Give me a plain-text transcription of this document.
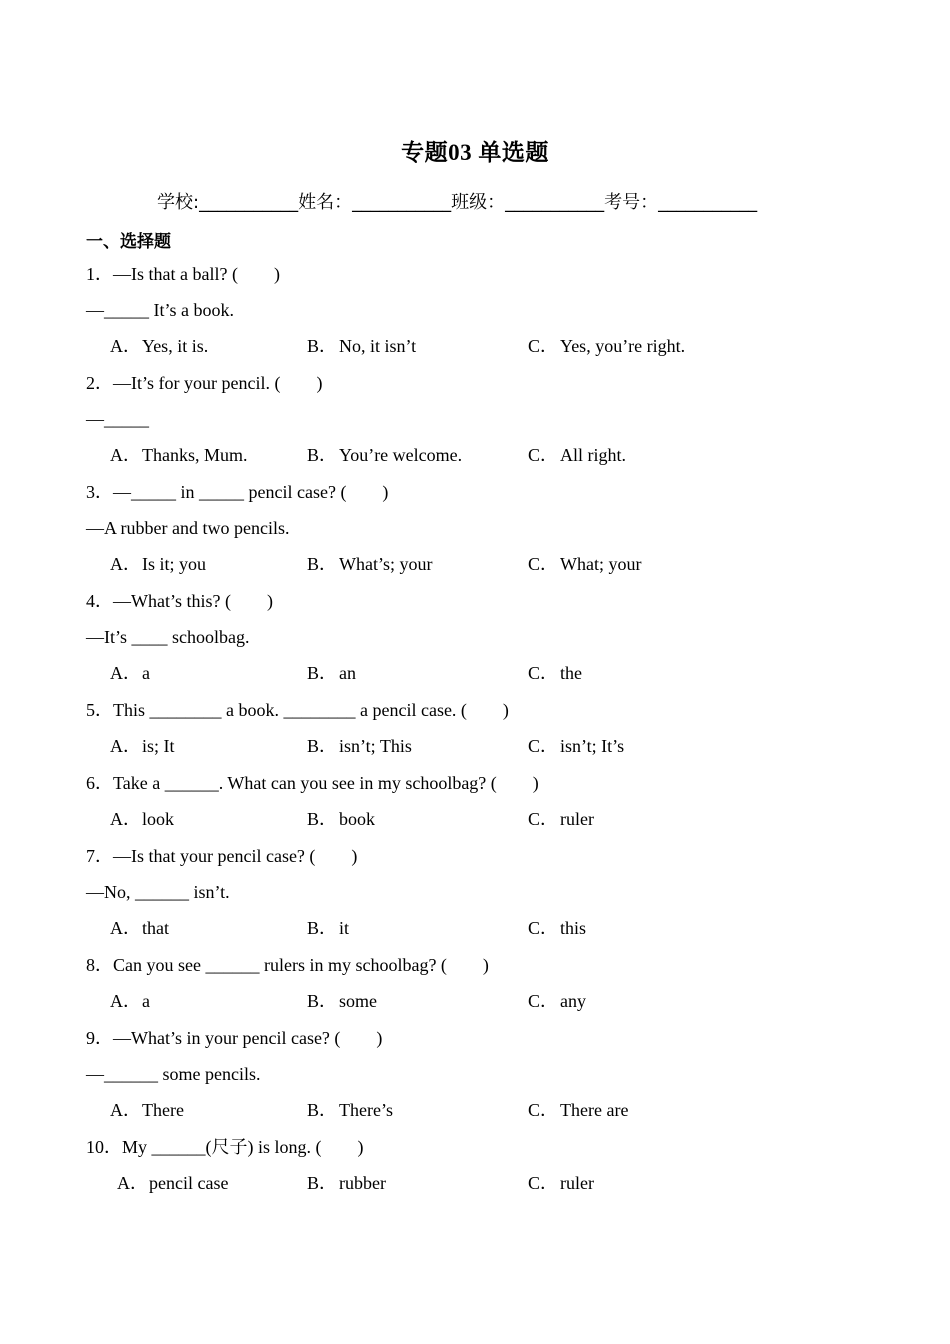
专题03 单选题
学校:___________姓名：___________班级：___________考号：___________
一、选择题
1．—Is that a ball? (　　)
—_____ It’s a book.
A．Yes, it is.	B． No, it isn’t	C． Yes, you’re right.
2．—It’s for your pencil. (　　)
—_____
A．Thanks, Mum.	B． You’re welcome.	C． All right.
3．—_____ in _____ pencil case? (　　)
—A rubber and two pencils.
A．Is it; you	B． What’s; your	C． What; your
4．—What’s this? (　　)
—It’s ____ schoolbag.
A．a	B． an	C． the
5．This ________ a book. ________ a pencil case. (　　)
A．is; It	B． isn’t; This	C． isn’t; It’s
6．Take a ______. What can you see in my schoolbag? (　　)
A．look	B． book	C． ruler
7．—Is that your pencil case? (　　)
—No, ______ isn’t.
A．that	B． it	C． this
8．Can you see ______ rulers in my schoolbag? (　　)
A．a	B． some	C． any
9．—What’s in your pencil case? (　　)
—______ some pencils.
A．There	B． There’s	C． There are
10．My ______(尺子) is long. (　　)
A．pencil case	B． rubber	C． ruler
